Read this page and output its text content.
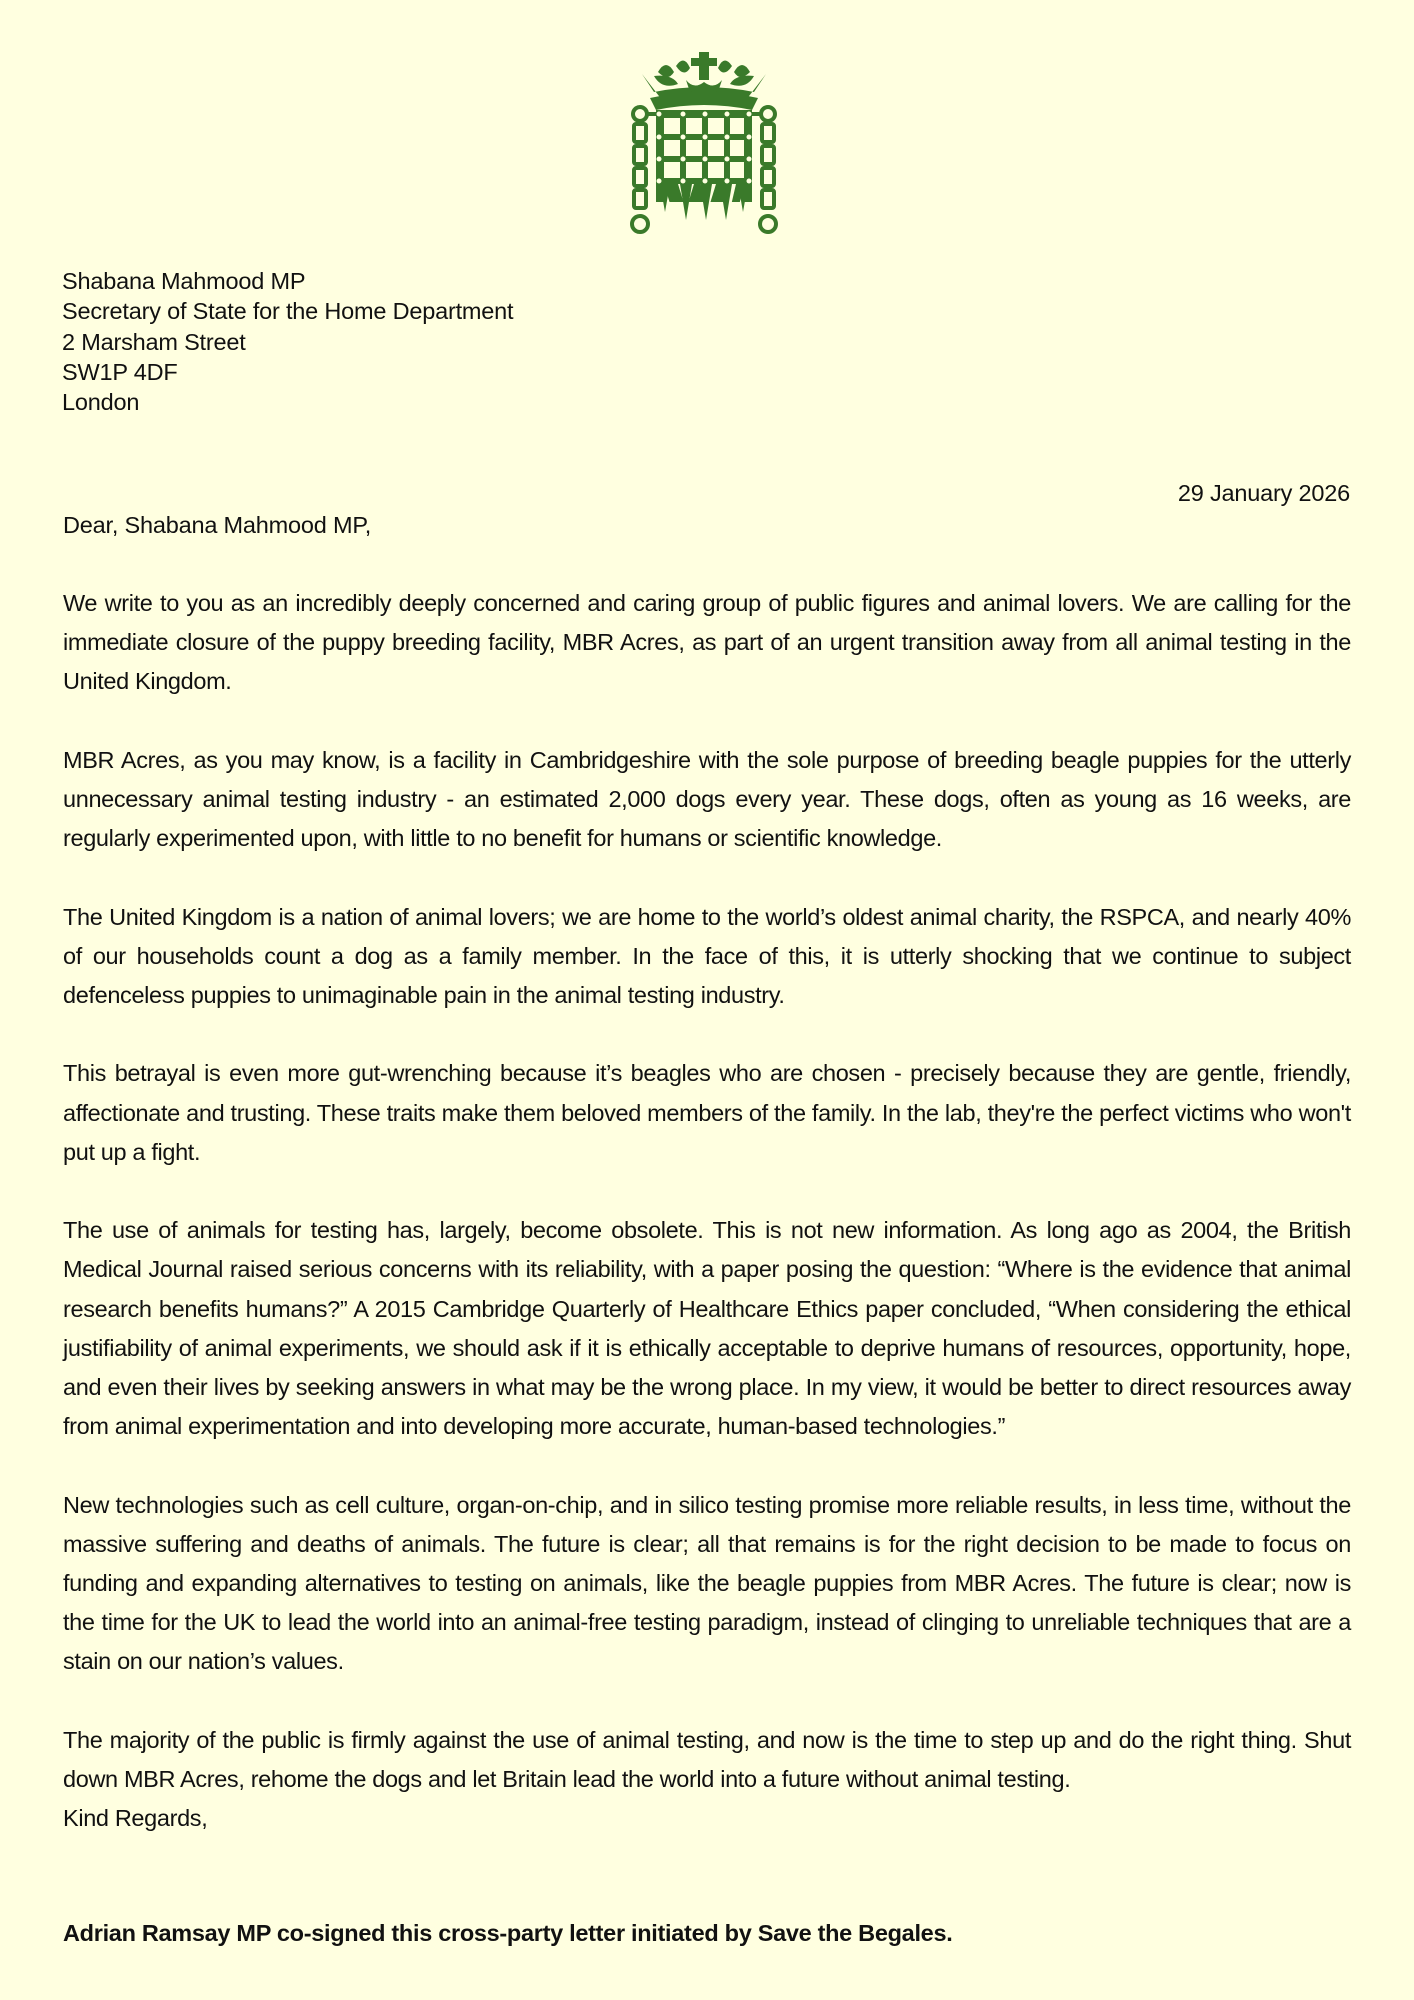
Shabana Mahmood MP
Secretary of State for the Home Department
2 Marsham Street
SW1P 4DF
London
29 January 2026
Dear, Shabana Mahmood MP,

We write to you as an incredibly deeply concerned and caring group of public figures and animal lovers. We are calling for the immediate closure of the puppy breeding facility, MBR Acres, as part of an urgent transition away from all animal testing in the United Kingdom.

MBR Acres, as you may know, is a facility in Cambridgeshire with the sole purpose of breeding beagle puppies for the utterly unnecessary animal testing industry - an estimated 2,000 dogs every year. These dogs, often as young as 16 weeks, are regularly experimented upon, with little to no benefit for humans or scientific knowledge.

The United Kingdom is a nation of animal lovers; we are home to the world’s oldest animal charity, the RSPCA, and nearly 40% of our households count a dog as a family member. In the face of this, it is utterly shocking that we continue to subject defenceless puppies to unimaginable pain in the animal testing industry.

This betrayal is even more gut-wrenching because it’s beagles who are chosen - precisely because they are gentle, friendly, affectionate and trusting. These traits make them beloved members of the family. In the lab, they're the perfect victims who won't put up a fight.

The use of animals for testing has, largely, become obsolete. This is not new information. As long ago as 2004, the British Medical Journal raised serious concerns with its reliability, with a paper posing the question: “Where is the evidence that animal research benefits humans?” A 2015 Cambridge Quarterly of Healthcare Ethics paper concluded, “When considering the ethical justifiability of animal experiments, we should ask if it is ethically acceptable to deprive humans of resources, opportunity, hope, and even their lives by seeking answers in what may be the wrong place. In my view, it would be better to direct resources away from animal experimentation and into developing more accurate, human-based technologies.”

New technologies such as cell culture, organ-on-chip, and in silico testing promise more reliable results, in less time, without the massive suffering and deaths of animals. The future is clear; all that remains is for the right decision to be made to focus on funding and expanding alternatives to testing on animals, like the beagle puppies from MBR Acres. The future is clear; now is the time for the UK to lead the world into an animal-free testing paradigm, instead of clinging to unreliable techniques that are a stain on our nation’s values.

The majority of the public is firmly against the use of animal testing, and now is the time to step up and do the right thing. Shut down MBR Acres, rehome the dogs and let Britain lead the world into a future without animal testing.

Kind Regards,

Adrian Ramsay MP co-signed this cross-party letter initiated by Save the Begales.
